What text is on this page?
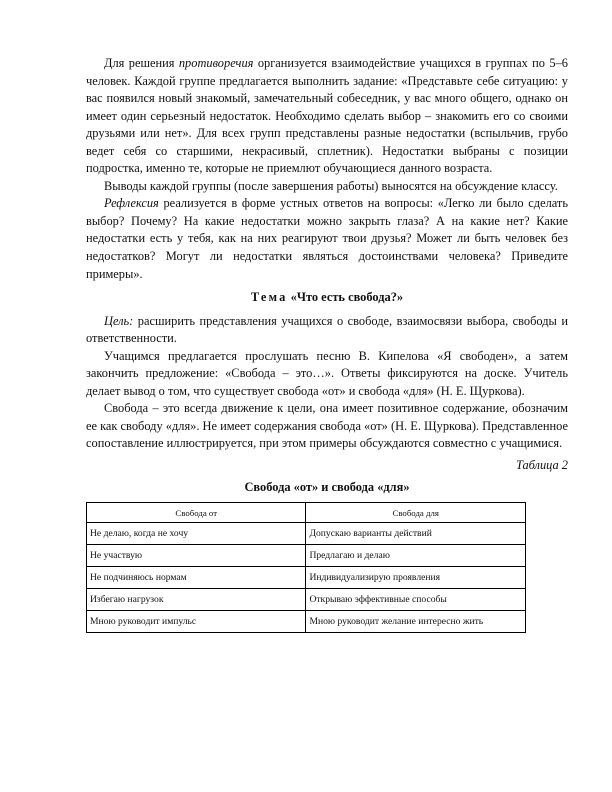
Для решения противоречия организуется взаимодействие учащихся в группах по 5–6 человек. Каждой группе предлагается выполнить задание: «Представьте себе ситуацию: у вас появился новый знакомый, замечательный собеседник, у вас много общего, однако он имеет один серьезный недостаток. Необходимо сделать выбор – знакомить его со своими друзьями или нет». Для всех групп представлены разные недостатки (вспыльчив, грубо ведет себя со старшими, некрасивый, сплетник). Недостатки выбраны с позиции подростка, именно те, которые не приемлют обучающиеся данного возраста.

Выводы каждой группы (после завершения работы) выносятся на обсуждение классу.

Рефлексия реализуется в форме устных ответов на вопросы: «Легко ли было сделать выбор? Почему? На какие недостатки можно закрыть глаза? А на какие нет? Какие недостатки есть у тебя, как на них реагируют твои друзья? Может ли быть человек без недостатков? Могут ли недостатки являться достоинствами человека? Приведите примеры».

Тема «Что есть свобода?»

Цель: расширить представления учащихся о свободе, взаимосвязи выбора, свободы и ответственности.

Учащимся предлагается прослушать песню В. Кипелова «Я свободен», а затем закончить предложение: «Свобода – это…». Ответы фиксируются на доске. Учитель делает вывод о том, что существует свобода «от» и свобода «для» (Н. Е. Щуркова).

Свобода – это всегда движение к цели, она имеет позитивное содержание, обозначим ее как свободу «для». Не имеет содержания свобода «от» (Н. Е. Щуркова). Представленное сопоставление иллюстрируется, при этом примеры обсуждаются совместно с учащимися.

Таблица 2
Свобода «от» и свобода «для»
Свобода от	Свобода для
Не делаю, когда не хочу	Допускаю варианты действий
Не участвую	Предлагаю и делаю
Не подчиняюсь нормам	Индивидуализирую проявления
Избегаю нагрузок	Открываю эффективные способы
Мною руководит импульс	Мною руководит желание интересно жить
